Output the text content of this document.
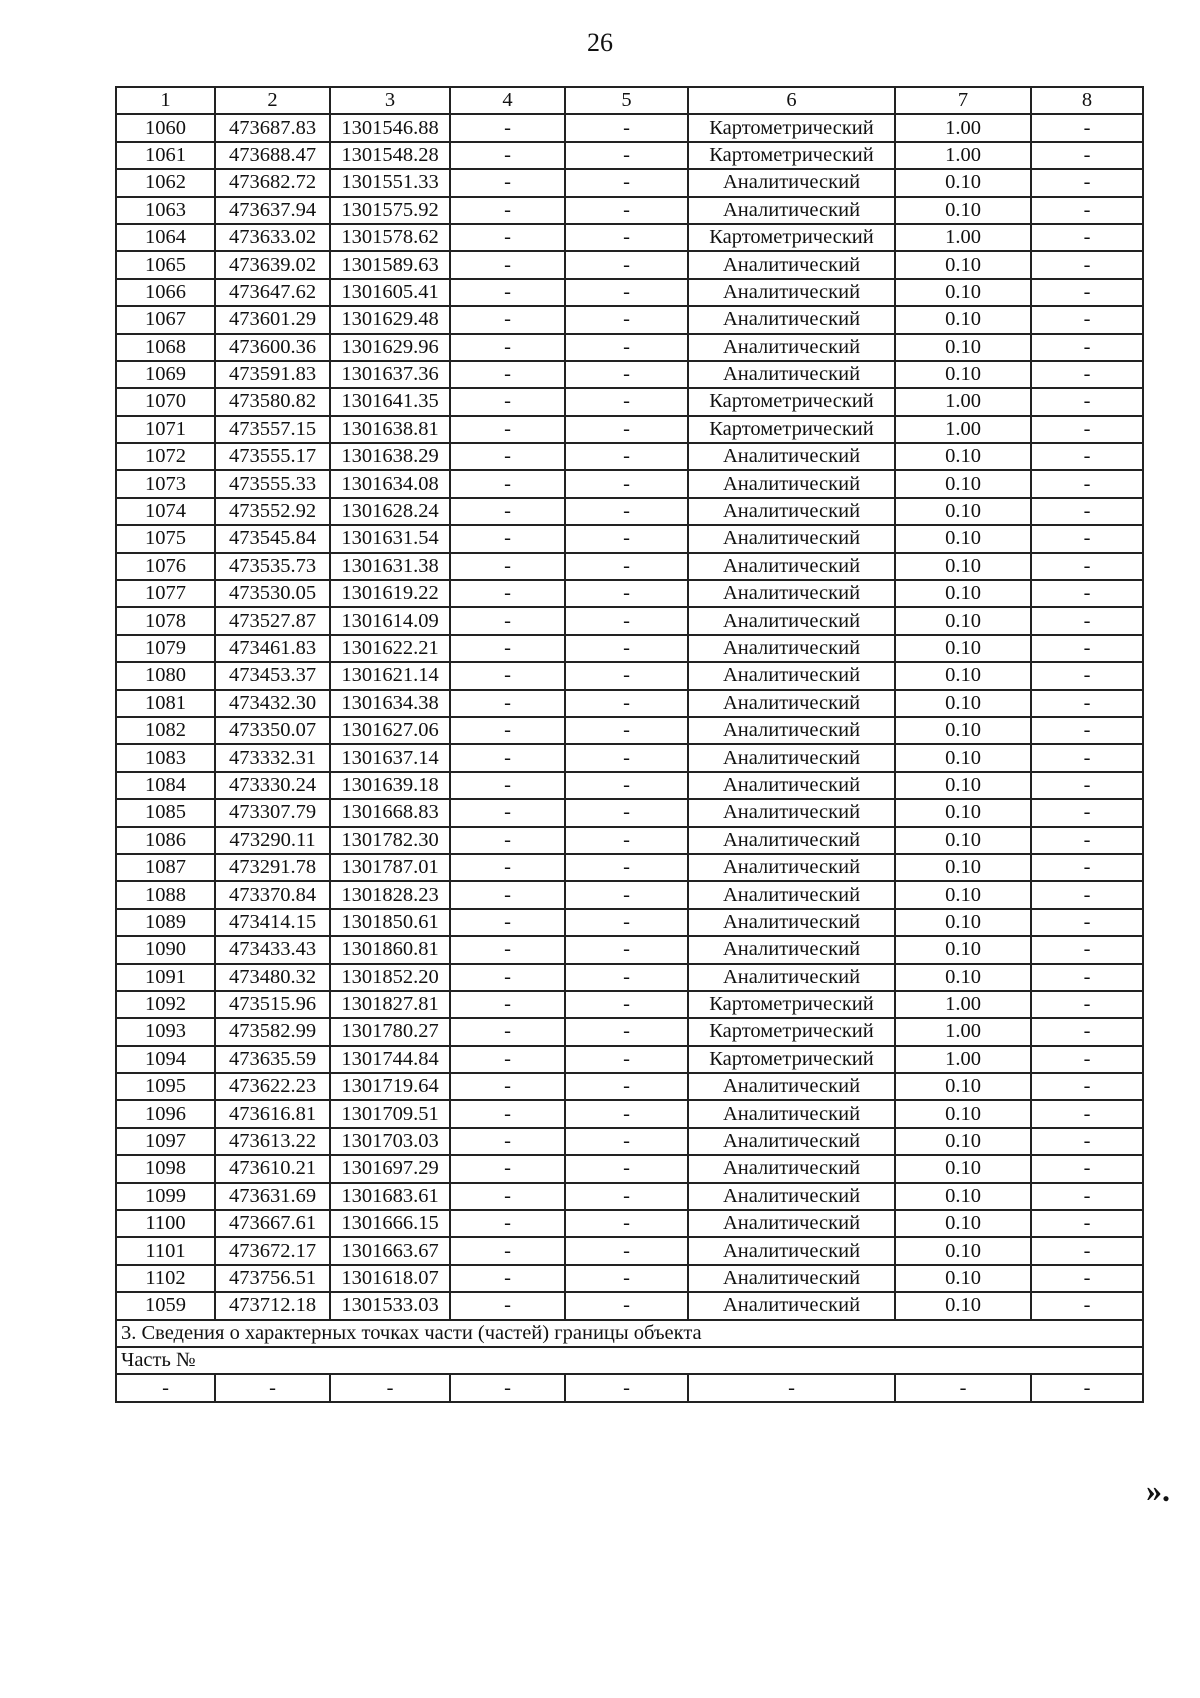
26
1	2	3	4	5	6	7	8
1060	473687.83	1301546.88	-	-	Картометрический	1.00	-
1061	473688.47	1301548.28	-	-	Картометрический	1.00	-
1062	473682.72	1301551.33	-	-	Аналитический	0.10	-
1063	473637.94	1301575.92	-	-	Аналитический	0.10	-
1064	473633.02	1301578.62	-	-	Картометрический	1.00	-
1065	473639.02	1301589.63	-	-	Аналитический	0.10	-
1066	473647.62	1301605.41	-	-	Аналитический	0.10	-
1067	473601.29	1301629.48	-	-	Аналитический	0.10	-
1068	473600.36	1301629.96	-	-	Аналитический	0.10	-
1069	473591.83	1301637.36	-	-	Аналитический	0.10	-
1070	473580.82	1301641.35	-	-	Картометрический	1.00	-
1071	473557.15	1301638.81	-	-	Картометрический	1.00	-
1072	473555.17	1301638.29	-	-	Аналитический	0.10	-
1073	473555.33	1301634.08	-	-	Аналитический	0.10	-
1074	473552.92	1301628.24	-	-	Аналитический	0.10	-
1075	473545.84	1301631.54	-	-	Аналитический	0.10	-
1076	473535.73	1301631.38	-	-	Аналитический	0.10	-
1077	473530.05	1301619.22	-	-	Аналитический	0.10	-
1078	473527.87	1301614.09	-	-	Аналитический	0.10	-
1079	473461.83	1301622.21	-	-	Аналитический	0.10	-
1080	473453.37	1301621.14	-	-	Аналитический	0.10	-
1081	473432.30	1301634.38	-	-	Аналитический	0.10	-
1082	473350.07	1301627.06	-	-	Аналитический	0.10	-
1083	473332.31	1301637.14	-	-	Аналитический	0.10	-
1084	473330.24	1301639.18	-	-	Аналитический	0.10	-
1085	473307.79	1301668.83	-	-	Аналитический	0.10	-
1086	473290.11	1301782.30	-	-	Аналитический	0.10	-
1087	473291.78	1301787.01	-	-	Аналитический	0.10	-
1088	473370.84	1301828.23	-	-	Аналитический	0.10	-
1089	473414.15	1301850.61	-	-	Аналитический	0.10	-
1090	473433.43	1301860.81	-	-	Аналитический	0.10	-
1091	473480.32	1301852.20	-	-	Аналитический	0.10	-
1092	473515.96	1301827.81	-	-	Картометрический	1.00	-
1093	473582.99	1301780.27	-	-	Картометрический	1.00	-
1094	473635.59	1301744.84	-	-	Картометрический	1.00	-
1095	473622.23	1301719.64	-	-	Аналитический	0.10	-
1096	473616.81	1301709.51	-	-	Аналитический	0.10	-
1097	473613.22	1301703.03	-	-	Аналитический	0.10	-
1098	473610.21	1301697.29	-	-	Аналитический	0.10	-
1099	473631.69	1301683.61	-	-	Аналитический	0.10	-
1100	473667.61	1301666.15	-	-	Аналитический	0.10	-
1101	473672.17	1301663.67	-	-	Аналитический	0.10	-
1102	473756.51	1301618.07	-	-	Аналитический	0.10	-
1059	473712.18	1301533.03	-	-	Аналитический	0.10	-
3. Сведения о характерных точках части (частей) границы объекта							
Часть №							
-	-	-	-	-	-	-	-
».
